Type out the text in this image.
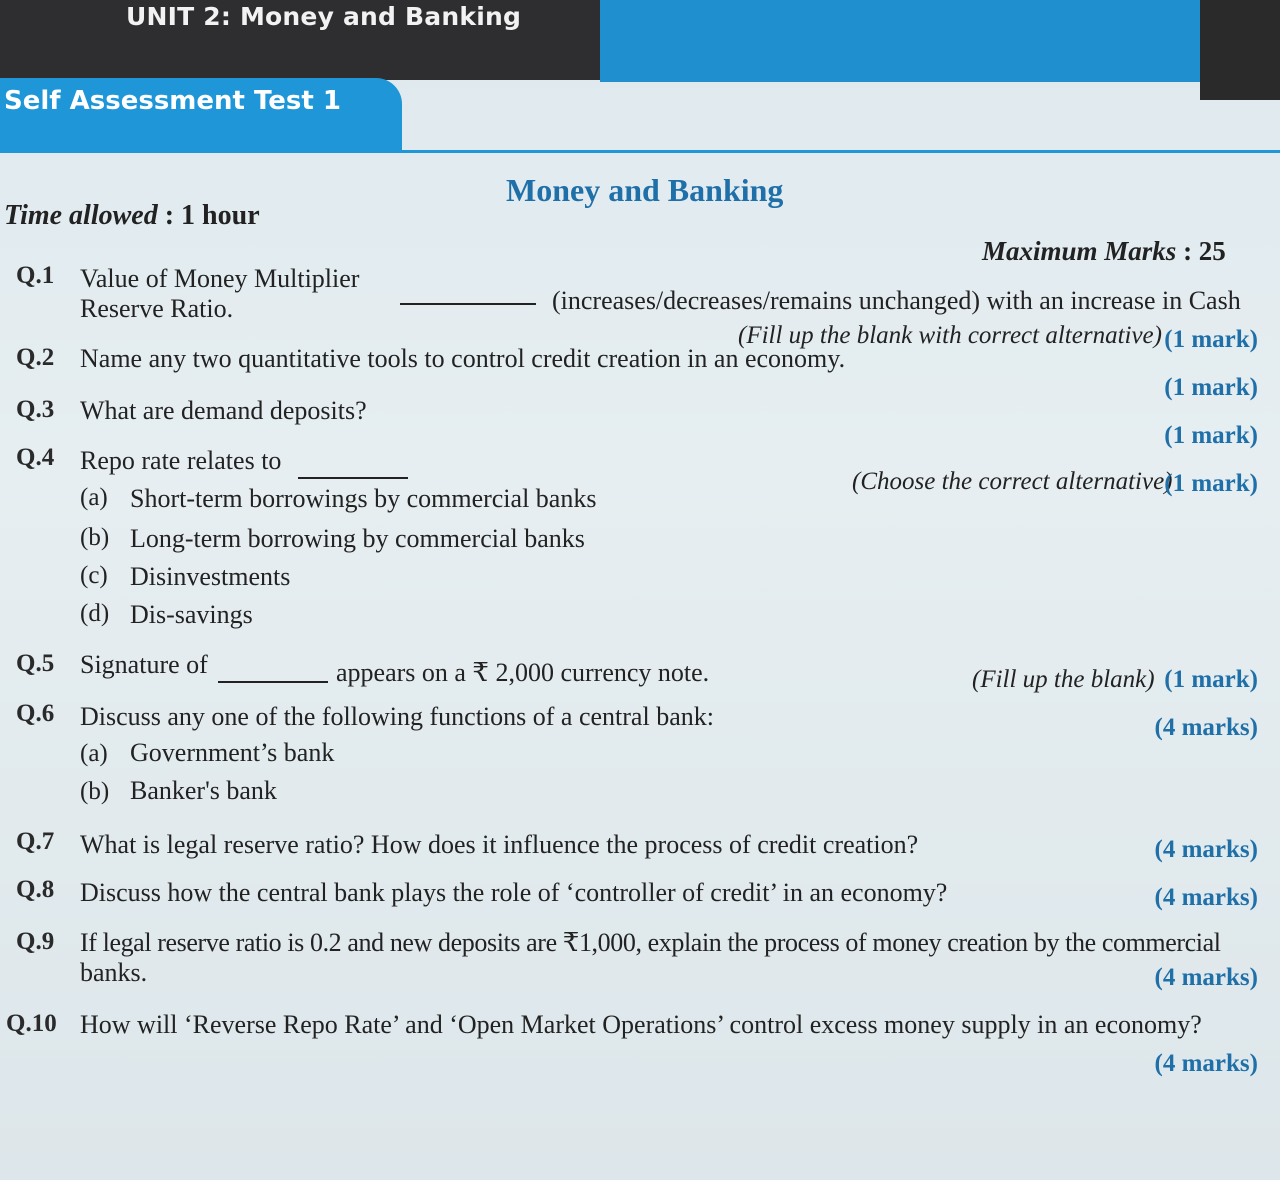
UNIT 2: Money and Banking
Self Assessment Test 1
Money and Banking
Time allowed : 1 hour
Maximum Marks : 25
Q.1 Value of Money Multiplier
(increases/decreases/remains unchanged) with an increase in Cash
Reserve Ratio.
(Fill up the blank with correct alternative) (1 mark)
Q.2 Name any two quantitative tools to control credit creation in an economy.
(1 mark)
Q.3 What are demand deposits?
(1 mark)
Q.4 Repo rate relates to
(Choose the correct alternative)
(1 mark)
(a) Short-term borrowings by commercial banks
(b) Long-term borrowing by commercial banks
(c) Disinvestments
(d) Dis-savings
Q.5 Signature of	appears on a ₹ 2,000 currency note.	(Fill up the blank) (1 mark)
Q.6 Discuss any one of the following functions of a central bank:	(4 marks)
(a) Government’s bank
(b) Banker's bank
Q.7 What is legal reserve ratio? How does it influence the process of credit creation?	(4 marks)
Q.8 Discuss how the central bank plays the role of ‘controller of credit’ in an economy?	(4 marks)
Q.9 If legal reserve ratio is 0.2 and new deposits are ₹1,000, explain the process of money creation by the commercial
banks.	(4 marks)
Q.10 How will ‘Reverse Repo Rate’ and ‘Open Market Operations’ control excess money supply in an economy?
(4 marks)
